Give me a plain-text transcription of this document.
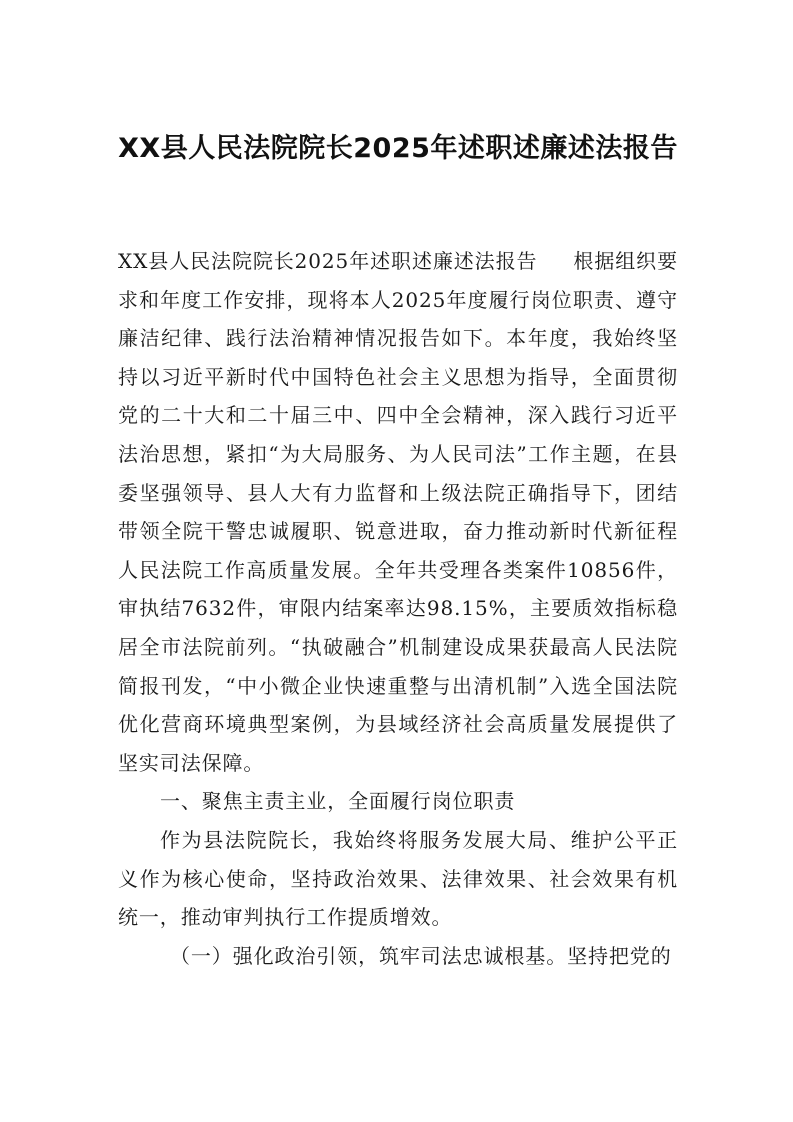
XX县人民法院院长2025年述职述廉述法报告

XX县人民法院院长2025年述职述廉述法报告 根据组织要求和年度工作安排，现将本人2025年度履行岗位职责、遵守廉洁纪律、践行法治精神情况报告如下。本年度，我始终坚持以习近平新时代中国特色社会主义思想为指导，全面贯彻党的二十大和二十届三中、四中全会精神，深入践行习近平法治思想，紧扣“为大局服务、为人民司法”工作主题，在县委坚强领导、县人大有力监督和上级法院正确指导下，团结带领全院干警忠诚履职、锐意进取，奋力推动新时代新征程人民法院工作高质量发展。全年共受理各类案件10856件，审执结7632件，审限内结案率达98.15%，主要质效指标稳居全市法院前列。“执破融合”机制建设成果获最高人民法院简报刊发，“中小微企业快速重整与出清机制”入选全国法院优化营商环境典型案例，为县域经济社会高质量发展提供了坚实司法保障。

一、聚焦主责主业，全面履行岗位职责

作为县法院院长，我始终将服务发展大局、维护公平正义作为核心使命，坚持政治效果、法律效果、社会效果有机统一，推动审判执行工作提质增效。

（一）强化政治引领，筑牢司法忠诚根基。坚持把党的
